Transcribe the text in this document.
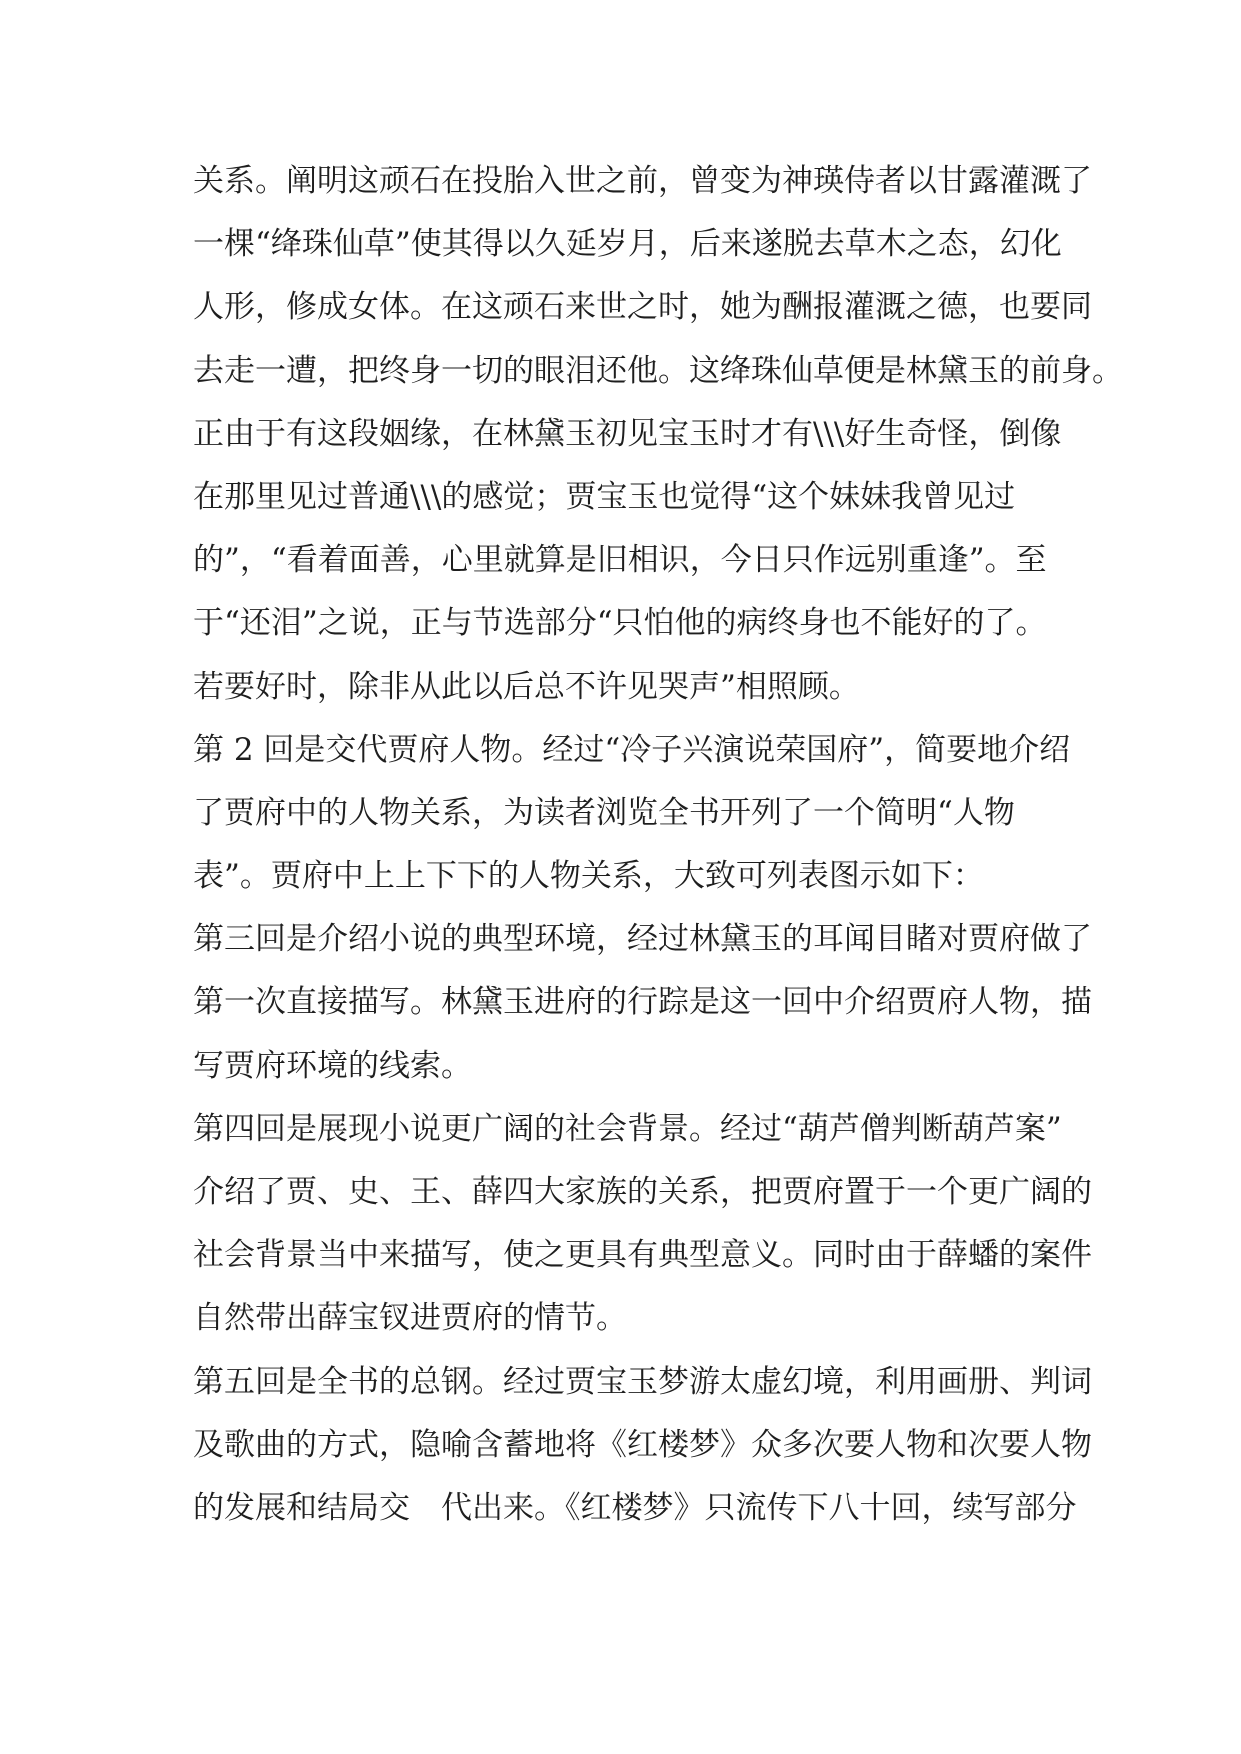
关系。阐明这顽石在投胎入世之前，曾变为神瑛侍者以甘露灌溉了
一棵“绛珠仙草”使其得以久延岁月，后来遂脱去草木之态，幻化
人形，修成女体。在这顽石来世之时，她为酬报灌溉之德，也要同
去走一遭，把终身一切的眼泪还他。这绛珠仙草便是林黛玉的前身。
正由于有这段姻缘，在林黛玉初见宝玉时才有\\\好生奇怪，倒像
在那里见过普通\\\的感觉；贾宝玉也觉得“这个妹妹我曾见过
的”，“看着面善，心里就算是旧相识，今日只作远别重逢”。至
于“还泪”之说，正与节选部分“只怕他的病终身也不能好的了。
若要好时，除非从此以后总不许见哭声”相照顾。
第 2 回是交代贾府人物。经过“冷子兴演说荣国府”，简要地介绍
了贾府中的人物关系，为读者浏览全书开列了一个简明“人物
表”。贾府中上上下下的人物关系，大致可列表图示如下：
第三回是介绍小说的典型环境，经过林黛玉的耳闻目睹对贾府做了
第一次直接描写。林黛玉进府的行踪是这一回中介绍贾府人物，描
写贾府环境的线索。
第四回是展现小说更广阔的社会背景。经过“葫芦僧判断葫芦案”
介绍了贾、史、王、薛四大家族的关系，把贾府置于一个更广阔的
社会背景当中来描写，使之更具有典型意义。同时由于薛蟠的案件
自然带出薛宝钗进贾府的情节。
第五回是全书的总钢。经过贾宝玉梦游太虚幻境，利用画册、判词
及歌曲的方式，隐喻含蓄地将《红楼梦》众多次要人物和次要人物
的发展和结局交　代出来。《红楼梦》只流传下八十回，续写部分
